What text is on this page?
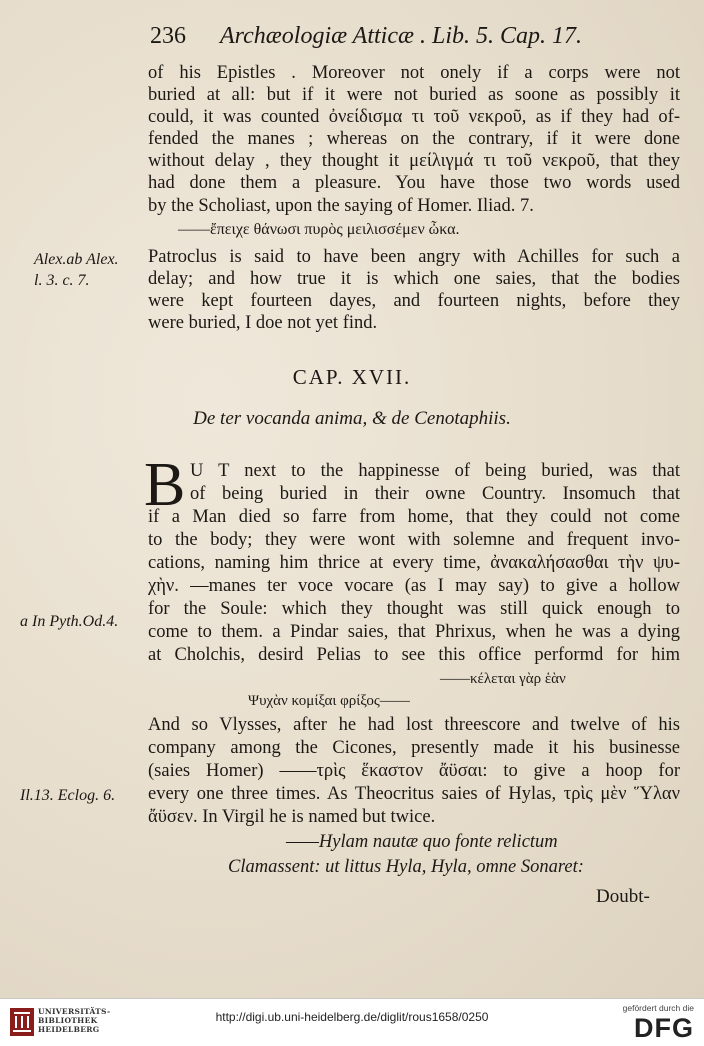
236 Archæologiæ Atticæ . Lib. 5. Cap. 17.
of his Epistles . Moreover not onely if a corps were not
buried at all: but if it were not buried as soone as possibly it
could, it was counted ὀνείδισμα τι τοῦ νεκροῦ, as if they had of-
fended the manes ; whereas on the contrary, if it were done
without delay , they thought it μείλιγμά τι τοῦ νεκροῦ, that they
had done them a pleasure. You have those two words used
by the Scholiast, upon the saying of Homer. Iliad. 7.
——ἔπειχε θάνωσι πυρὸς μειλισσέμεν ὦκα.
Patroclus is said to have been angry with Achilles for such a
delay; and how true it is which one saies, that the bodies
were kept fourteen dayes, and fourteen nights, before they
were buried, I doe not yet find.
Alex.ab Alex.
l. 3. c. 7.
a In Pyth.Od.4.
Il.13. Eclog. 6.
CAP. XVII.
De ter vocanda anima, & de Cenotaphiis.
B U T next to the happinesse of being buried, was that
of being buried in their owne Country. Insomuch that
if a Man died so farre from home, that they could not come
to the body; they were wont with solemne and frequent invo-
cations, naming him thrice at every time, ἀνακαλήσασθαι τὴν ψυ-
χὴν. —manes ter voce vocare (as I may say) to give a hollow
for the Soule: which they thought was still quick enough to
come to them. a Pindar saies, that Phrixus, when he was a dying
at Cholchis, desird Pelias to see this office performd for him
——κέλεται γὰρ ἑὰν
Ψυχὰν κομίξαι φρίξος——
And so Vlysses, after he had lost threescore and twelve of his
company among the Cicones, presently made it his businesse
(saies Homer) ——τρὶς ἕκαστον ἄϋσαι: to give a hoop for
every one three times. As Theocritus saies of Hylas, τρὶς μὲν Ὕλαν
ἄϋσεν. In Virgil he is named but twice.
——Hylam nautæ quo fonte relictum
Clamassent: ut littus Hyla, Hyla, omne Sonaret:
Doubt-
UNIVERSITÄTS-
BIBLIOTHEK
HEIDELBERG
http://digi.ub.uni-heidelberg.de/diglit/rous1658/0250
gefördert durch die
DFG
